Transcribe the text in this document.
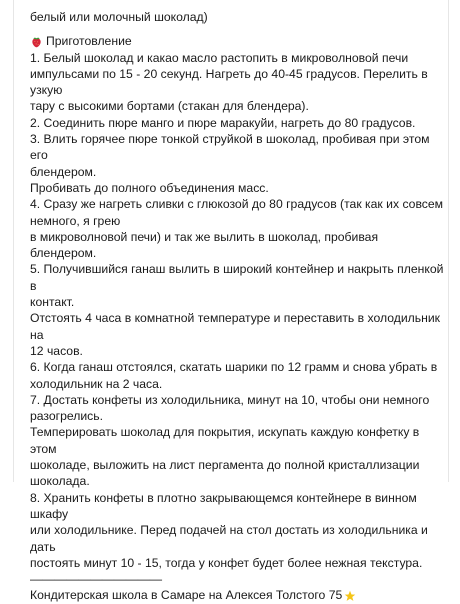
белый или молочный шоколад)
Приготовление
1. Белый шоколад и какао масло растопить в микроволновой печи
импульсами по 15 - 20 секунд. Нагреть до 40-45 градусов. Перелить в узкую
тару с высокими бортами (стакан для блендера).
2. Соединить пюре манго и пюре маракуйи, нагреть до 80 градусов.
3. Влить горячее пюре тонкой струйкой в шоколад, пробивая при этом его
блендером.
Пробивать до полного объединения масс.
4. Сразу же нагреть сливки с глюкозой до 80 градусов (так как их совсем
немного, я грею
в микроволновой печи) и так же вылить в шоколад, пробивая блендером.
5. Получившийся ганаш вылить в широкий контейнер и накрыть пленкой в
контакт.
Отстоять 4 часа в комнатной температуре и переставить в холодильник на
12 часов.
6. Когда ганаш отстоялся, скатать шарики по 12 грамм и снова убрать в
холодильник на 2 часа.
7. Достать конфеты из холодильника, минут на 10, чтобы они немного
разогрелись.
Темперировать шоколад для покрытия, искупать каждую конфетку в этом
шоколаде, выложить на лист пергамента до полной кристаллизации
шоколада.
8. Хранить конфеты в плотно закрывающемся контейнере в винном шкафу
или холодильнике. Перед подачей на стол достать из холодильника и дать
постоять минут 10 - 15, тогда у конфет будет более нежная текстура.
———————————
Кондитерская школа в Самаре на Алексея Толстого 75
